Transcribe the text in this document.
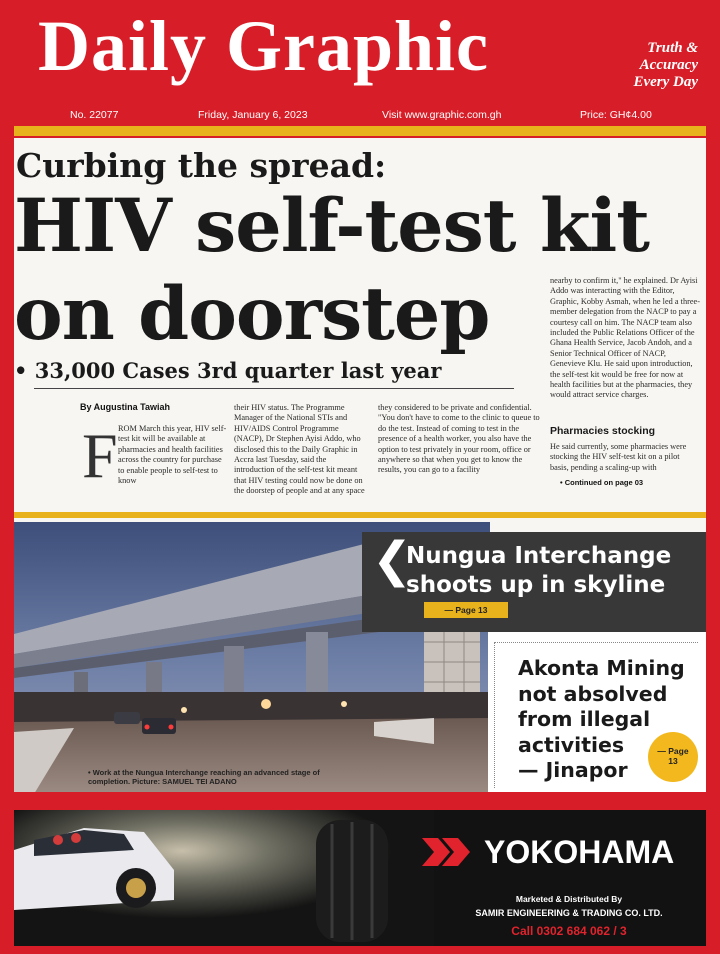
Daily Graphic	Truth &
Accuracy
Every Day
No. 22077	Friday, January 6, 2023	Visit www.graphic.com.gh	Price: GH¢4.00
Curbing the spread:
HIV self-test kit
on doorstep
• 33,000 Cases 3rd quarter last year
By Augustina Tawiah
F ROM March this year, HIV self-test kit will be available at pharmacies and health facilities across the country for purchase to enable people to self-test to know
their HIV status. The Programme Manager of the National STIs and HIV/AIDS Control Programme (NACP), Dr Stephen Ayisi Addo, who disclosed this to the Daily Graphic in Accra last Tuesday, said the introduction of the self-test kit meant that HIV testing could now be done on the doorstep of people and at any space
they considered to be private and confidential. "You don't have to come to the clinic to queue to do the test. Instead of coming to test in the presence of a health worker, you also have the option to test privately in your room, office or anywhere so that when you get to know the results, you can go to a facility
nearby to confirm it," he explained. Dr Ayisi Addo was interacting with the Editor, Graphic, Kobby Asmah, when he led a three-member delegation from the NACP to pay a courtesy call on him. The NACP team also included the Public Relations Officer of the Ghana Health Service, Jacob Andoh, and a Senior Technical Officer of NACP, Genevieve Klu. He said upon introduction, the self-test kit would be free for now at health facilities but at the pharmacies, they would attract service charges.
Pharmacies stocking
He said currently, some pharmacies were stocking the HIV self-test kit on a pilot basis, pending a scaling-up with
• Continued on page 03
• Work at the Nungua Interchange reaching an advanced stage of completion. Picture: SAMUEL TEI ADANO
❮
Nungua Interchange
shoots up in skyline
— Page 13
Akonta Mining
not absolved
from illegal
activities
— Jinapor
— Page
13
YOKOHAMA
Marketed & Distributed By
SAMIR ENGINEERING & TRADING CO. LTD.
Call 0302 684 062 / 3
